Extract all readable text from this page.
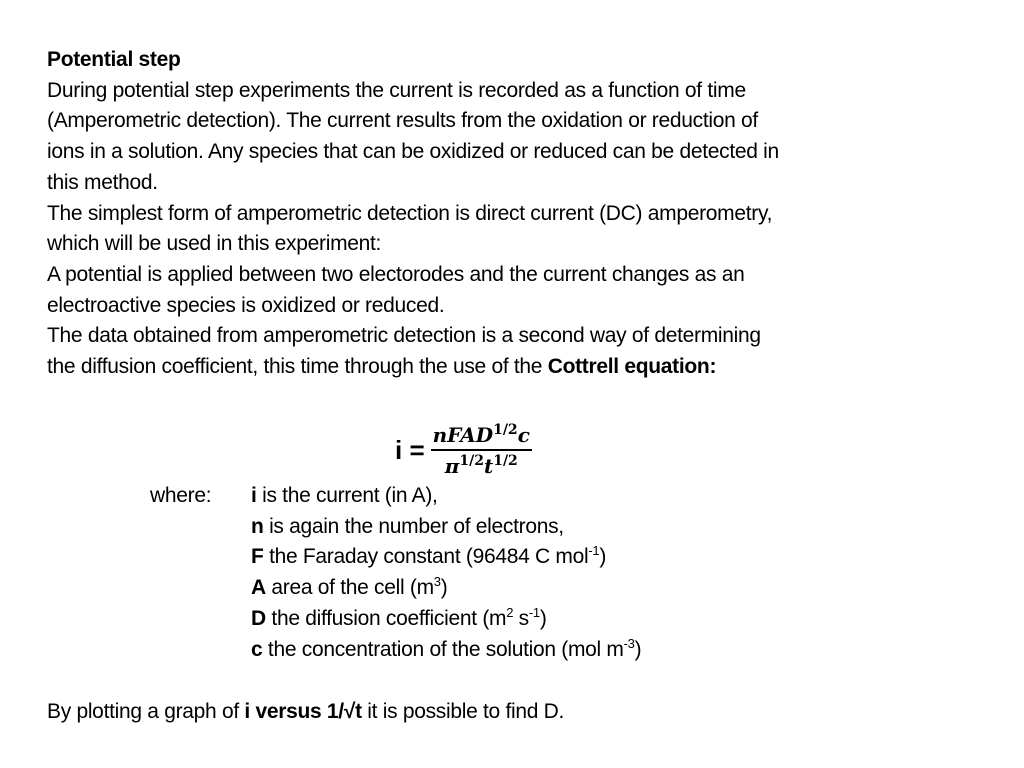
Potential step

During potential step experiments the current is recorded as a function of time

(Amperometric detection). The current results from the oxidation or reduction of

ions in a solution. Any species that can be oxidized or reduced can be detected in

this method.

The simplest form of amperometric detection is direct current (DC) amperometry,

which will be used in this experiment:

A potential is applied between two electorodes and the current changes as an

electroactive species is oxidized or reduced.

The data obtained from amperometric detection is a second way of determining

the diffusion coefficient, this time through the use of the Cottrell equation:

$i = \frac{nFAD^{1/2}c}{\pi^{1/2}t^{1/2}}$
where: i is the current (in A),
n is again the number of electrons,
F the Faraday constant (96484 C mol$^{-1}$)
A area of the cell $(m^3)$
D the diffusion coefficient ($m^2$ $s^{-1}$)
c the concentration of the solution (mol $m^{-3}$)

By plotting a graph of i versus 1/√t it is possible to find D.
